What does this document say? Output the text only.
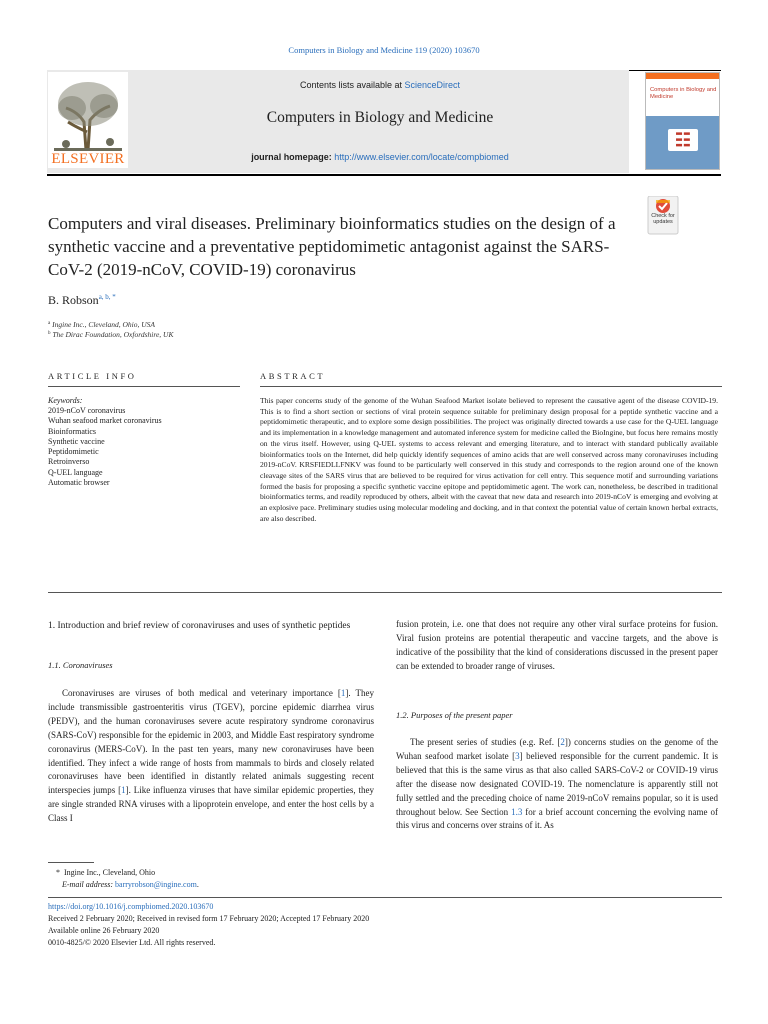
Computers in Biology and Medicine 119 (2020) 103670
ELSEVIER
Contents lists available at ScienceDirect
Computers in Biology and Medicine
journal homepage: http://www.elsevier.com/locate/compbiomed
Computers in Biology and Medicine
☷
Computers and viral diseases. Preliminary bioinformatics studies on the design of a synthetic vaccine and a preventative peptidomimetic antagonist against the SARS-CoV-2 (2019-nCoV, COVID-19) coronavirus
Check for updates
B. Robson$^{a, b, *}$
$^a$ Ingine Inc., Cleveland, Ohio, USA
$^b$ The Dirac Foundation, Oxfordshire, UK
ARTICLE INFO	ABSTRACT
Keywords:
2019-nCoV coronavirus
Wuhan seafood market coronavirus
Bioinformatics
Synthetic vaccine
Peptidomimetic
Retroinverso
Q-UEL language
Automatic browser
This paper concerns study of the genome of the Wuhan Seafood Market isolate believed to represent the causative agent of the disease COVID-19. This is to find a short section or sections of viral protein sequence suitable for preliminary design proposal for a peptide synthetic vaccine and a peptidomimetic therapeutic, and to explore some design possibilities. The project was originally directed towards a use case for the Q-UEL language and its implementation in a knowledge management and automated inference system for medicine called the BioIngine, but focus here remains mostly on the virus itself. However, using Q-UEL systems to access relevant and emerging literature, and to interact with standard publically available bioinformatics tools on the Internet, did help quickly identify sequences of amino acids that are well conserved across many coronaviruses including 2019-nCoV. KRSFIEDLLFNKV was found to be particularly well conserved in this study and corresponds to the region around one of the known cleavage sites of the SARS virus that are believed to be required for virus activation for cell entry. This sequence motif and surrounding variations formed the basis for proposing a specific synthetic vaccine epitope and peptidomimetic agent. The work can, nonetheless, be described in traditional bioinformatics terms, and readily reproduced by others, albeit with the caveat that new data and research into 2019-nCoV is emerging and evolving at an explosive pace. Preliminary studies using molecular modeling and docking, and in that context the potential value of certain known herbal extracts, are also described.
1. Introduction and brief review of coronaviruses and uses of synthetic peptides
1.1. Coronaviruses
Coronaviruses are viruses of both medical and veterinary importance [1]. They include transmissible gastroenteritis virus (TGEV), porcine epidemic diarrhea virus (PEDV), and the human coronaviruses severe acute respiratory syndrome coronavirus (SARS-CoV) responsible for the epidemic in 2003, and Middle East respiratory syndrome coronavirus (MERS-CoV). In the past ten years, many new coronaviruses have been identified. They infect a wide range of hosts from mammals to birds and closely related coronaviruses have been identified in distantly related animals suggesting recent interspecies jumps [1]. Like influenza viruses that have similar epidemic properties, they are single stranded RNA viruses with a lipoprotein envelope, and enter the host cells by a Class I
fusion protein, i.e. one that does not require any other viral surface proteins for fusion. Viral fusion proteins are potential therapeutic and vaccine targets, and the above is indicative of the possibility that the kind of considerations discussed in the present paper can be extended to broader range of viruses.
1.2. Purposes of the present paper
The present series of studies (e.g. Ref. [2]) concerns studies on the genome of the Wuhan seafood market isolate [3] believed responsible for the current pandemic. It is believed that this is the same virus as that also called SARS-CoV-2 or COVID-19 virus after the disease now designated COVID-19. The nomenclature is apparently still not fully settled and the preceding choice of name 2019-nCoV remains popular, so it is used throughout below. See Section 1.3 for a brief account concerning the evolving name of this virus and concerns over strains of it. As
* Ingine Inc., Cleveland, Ohio
E-mail address: barryrobson@ingine.com.
https://doi.org/10.1016/j.compbiomed.2020.103670
Received 2 February 2020; Received in revised form 17 February 2020; Accepted 17 February 2020
Available online 26 February 2020
0010-4825/© 2020 Elsevier Ltd. All rights reserved.
